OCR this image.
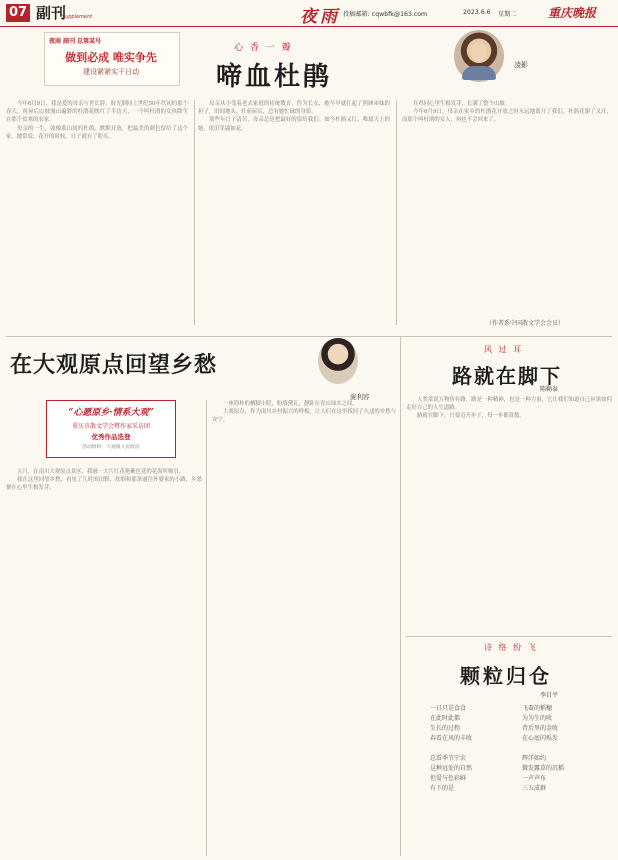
07 副刊
Supplement	夜雨 投稿邮箱: cqwbfk@163.com	2023.6.6 星期二	重庆晚报
夜雨 副刊 总第某号
做到必成 唯实争先
建设紧紧实干日动
心 香 一 瓣
啼血杜鹃	凌影

今年6月9日，我是爱的母亲与世长辞。时光倒回上世纪50年代初的那个春天，祖屋后山坡漫山遍野的杜鹃花映红了半边天，一个叫杜鹃的女孩降生在那个贫寒的农家。

母亲的一生，就像那山间的杜鹃，默默开放，把最美的颜色留给了这个家。她常说，花开的时候，日子就有了盼头。

母亲从小受着老式家庭的传统教育，作为长女，她早早就扛起了照顾弟妹的担子，田间地头、灶前屋后，总有她忙碌的身影。

那些年日子清苦，母亲总是把最好的留给我们。如今杜鹃又红，唯愿天上的她，依旧笑靥如花。

在鸡同心里生根发芽，长满了整个山坡。

今年6月9日，母亲在家乡的杜鹃花开放之时永远地离开了我们。杜鹃花谢了又开，而那个叫杜鹃的女人，再也不会回来了。

（作者系中国散文学会会员）
在大观原点回望乡愁
庞利容
“心愿原乡·情系大观”
重庆市散文学会暨作家采访团
优秀作品选登
活动组织：大观镇人民政府

五月，在南川大观原点景区，我被一大片红花艳紫色花的花海所吸引。

我在这里回望乡愁，看见了儿时的田野、炊烟和那条通往外婆家的小路，乡愁便在心里生根发芽。

一座简朴的栖脚小院，粉墙黛瓦，静卧在青山绿水之间。

大观原点，作为南川乡村振兴的样板，让人们在这里找回了久违的乡愁与安宁。

风 过 耳
路就在脚下
陈勤泰

人类常说万物皆有路，路是一种精神，也是一种力量，它让我们知道自己应该如何走好自己的人生道路。

路就在脚下，只要迈开步子，每一步都算数。

诗 络 纷 飞
颗粒归仓
李目平
一日只是食食
在此时此都
生长的过程
春看在风的丰收

总看季节宁农
这种远处的自然
但爱与色彩鲜
有下的是
飞着的稻穗
为为生的收
背后里的金收
在心底闪烁发

辉洋如约
微发露草的沉稻
一声声布
三五成群
